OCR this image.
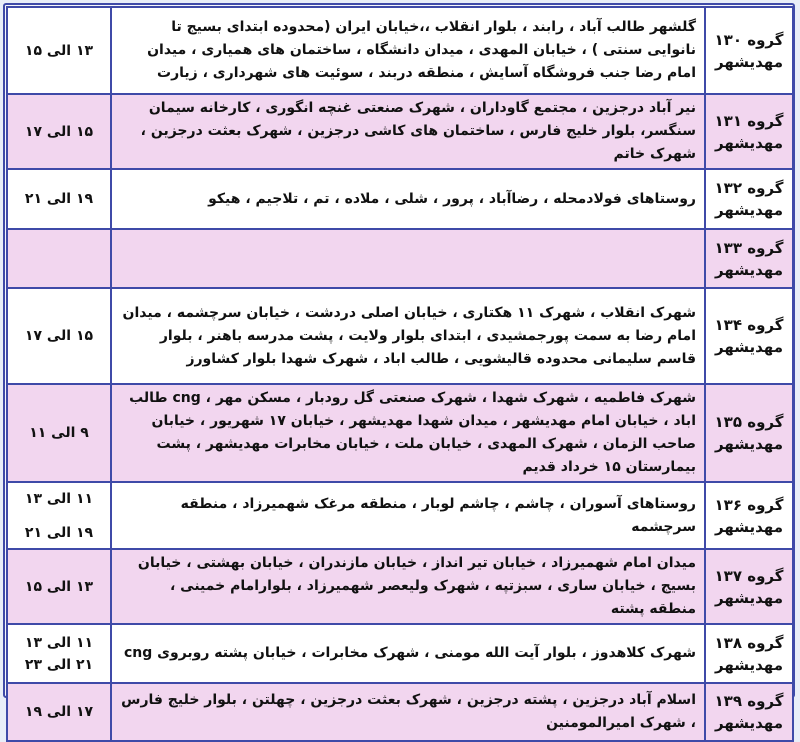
گروه ۱۳۰
مهدیشهر	گلشهر طالب آباد ، رابند ، بلوار انقلاب ،،خیابان ایران (محدوده ابتدای بسیج تا نانوایی سنتی ) ، خیابان المهدی ، میدان دانشگاه ، ساختمان های همیاری ، میدان امام رضا جنب فروشگاه آسایش ، منطقه دربند ، سوئیت های شهرداری ، زیارت	۱۳ الی ۱۵

گروه ۱۳۱
مهدیشهر	نیر آباد درجزین ، مجتمع گاوداران ، شهرک صنعتی غنچه انگوری ، کارخانه سیمان سنگسر، بلوار خلیج فارس ، ساختمان های کاشی درجزین ، شهرک بعثت درجزین ، شهرک خاتم	۱۵ الی ۱۷

گروه ۱۳۲
مهدیشهر	روستاهای فولادمحله ، رضاآباد ، پرور ، شلی ، ملاده ، تم ، تلاجیم ، هیکو	۱۹ الی ۲۱

گروه ۱۳۳
مهدیشهر		

گروه ۱۳۴
مهدیشهر	شهرک انقلاب ، شهرک ۱۱ هکتاری ، خیابان اصلی دردشت ، خیابان سرچشمه ، میدان امام رضا به سمت پورجمشیدی ، ابتدای بلوار ولایت ، پشت مدرسه باهنر ، بلوار قاسم سلیمانی محدوده قالیشویی ، طالب اباد ، شهرک شهدا بلوار کشاورز	۱۵ الی ۱۷

گروه ۱۳۵
مهدیشهر	شهرک فاطمیه ، شهرک شهدا ، شهرک صنعتی گل رودبار ، مسکن مهر ، cng طالب اباد ، خیابان امام مهدیشهر ، میدان شهدا مهدیشهر ، خیابان ۱۷ شهریور ، خیابان صاحب الزمان ، شهرک المهدی ، خیابان ملت ، خیابان مخابرات مهدیشهر ، پشت بیمارستان ۱۵ خرداد قدیم	۹ الی ۱۱

گروه ۱۳۶
مهدیشهر	روستاهای آسوران ، چاشم ، چاشم لوبار ، منطقه مرغک شهمیرزاد ، منطقه سرچشمه	۱۱ الی ۱۳
۱۹ الی ۲۱

گروه ۱۳۷
مهدیشهر	میدان امام شهمیرزاد ، خیابان تیر انداز ، خیابان مازندران ، خیابان بهشتی ، خیابان بسیج ، خیابان ساری ، سبزتپه ، شهرک ولیعصر شهمیرزاد ، بلوارامام خمینی ، منطقه پشته	۱۳ الی ۱۵

گروه ۱۳۸
مهدیشهر	شهرک کلاهدوز ، بلوار آیت الله مومنی ، شهرک مخابرات ، خیابان پشته روبروی cng	۱۱ الی ۱۳
۲۱ الی ۲۳

گروه ۱۳۹
مهدیشهر	اسلام آباد درجزین ، پشته درجزین ، شهرک بعثت درجزین ، چهلتن ، بلوار خلیج فارس ، شهرک امیرالمومنین	۱۷ الی ۱۹
